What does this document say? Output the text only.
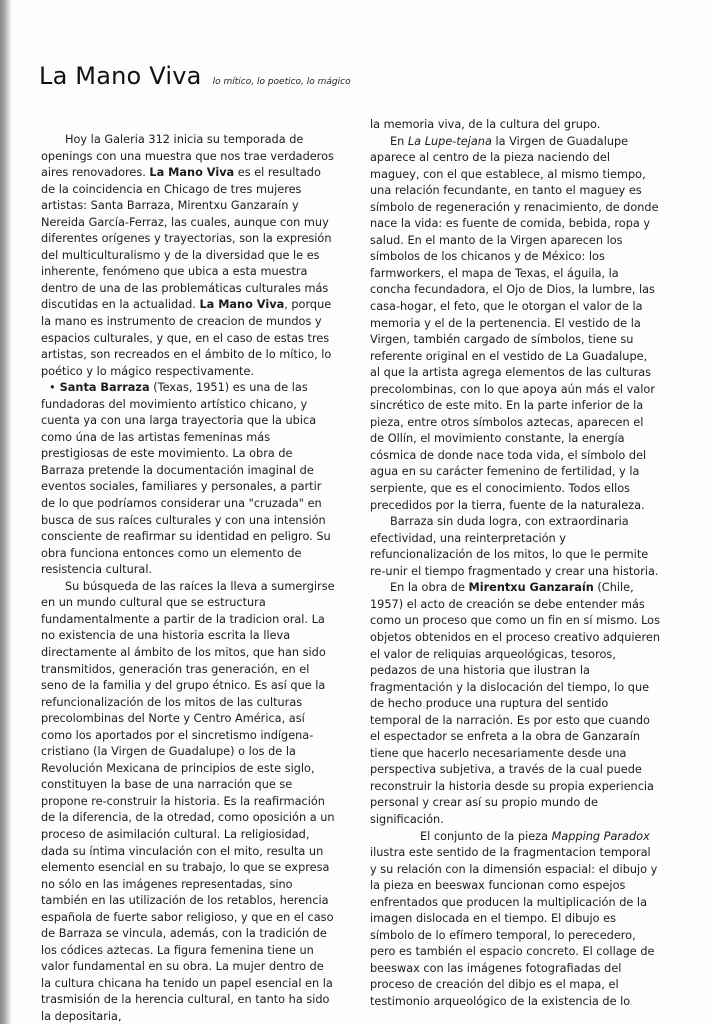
La Mano Viva lo mítico, lo poetico, lo mágico

Hoy la Galeria 312 inicia su temporada de openings con una muestra que nos trae verdaderos aires renovadores. La Mano Viva es el resultado de la coincidencia en Chicago de tres mujeres artistas: Santa Barraza, Mirentxu Ganzaraín y Nereida García-Ferraz, las cuales, aunque con muy diferentes orígenes y trayectorias, son la expresión del multiculturalismo y de la diversidad que le es inherente, fenómeno que ubica a esta muestra dentro de una de las problemáticas culturales más discutidas en la actualidad. La Mano Viva, porque la mano es instrumento de creacion de mundos y espacios culturales, y que, en el caso de estas tres artistas, son recreados en el ámbito de lo mítico, lo poético y lo mágico respectivamente.

• Santa Barraza (Texas, 1951) es una de las fundadoras del movimiento artístico chicano, y cuenta ya con una larga trayectoria que la ubica como úna de las artistas femeninas más prestigiosas de este movimiento. La obra de Barraza pretende la documentación imaginal de eventos sociales, familiares y personales, a partir de lo que podríamos considerar una "cruzada" en busca de sus raíces culturales y con una intensión consciente de reafirmar su identidad en peligro. Su obra funciona entonces como un elemento de resistencia cultural.

Su búsqueda de las raíces la lleva a sumergirse en un mundo cultural que se estructura fundamentalmente a partir de la tradicion oral. La no existencia de una historia escrita la lleva directamente al ámbito de los mitos, que han sido transmitidos, generación tras generación, en el seno de la familia y del grupo étnico. Es así que la refuncionalización de los mitos de las culturas precolombinas del Norte y Centro América, así como los aportados por el sincretismo indígena-cristiano (la Virgen de Guadalupe) o los de la Revolución Mexicana de principios de este siglo, constituyen la base de una narración que se propone re-construir la historia. Es la reafirmación de la diferencia, de la otredad, como oposición a un proceso de asimilación cultural. La religiosidad, dada su íntima vinculación con el mito, resulta un elemento esencial en su trabajo, lo que se expresa no sólo en las imágenes representadas, sino también en las utilización de los retablos, herencia española de fuerte sabor religioso, y que en el caso de Barraza se vincula, además, con la tradición de los códices aztecas. La figura femenina tiene un valor fundamental en su obra. La mujer dentro de la cultura chicana ha tenido un papel esencial en la trasmisión de la herencia cultural, en tanto ha sido la depositaria,

la memoria viva, de la cultura del grupo.

En La Lupe-tejana la Virgen de Guadalupe aparece al centro de la pieza naciendo del maguey, con el que establece, al mismo tiempo, una relación fecundante, en tanto el maguey es símbolo de regeneración y renacimiento, de donde nace la vida: es fuente de comida, bebida, ropa y salud. En el manto de la Virgen aparecen los símbolos de los chicanos y de México: los farmworkers, el mapa de Texas, el águila, la concha fecundadora, el Ojo de Dios, la lumbre, las casa-hogar, el feto, que le otorgan el valor de la memoria y el de la pertenencia. El vestido de la Virgen, también cargado de símbolos, tiene su referente original en el vestido de La Guadalupe, al que la artista agrega elementos de las culturas precolombinas, con lo que apoya aún más el valor sincrético de este mito. En la parte inferior de la pieza, entre otros símbolos aztecas, aparecen el de Ollín, el movimiento constante, la energía cósmica de donde nace toda vida, el símbolo del agua en su carácter femenino de fertilidad, y la serpiente, que es el conocimiento. Todos ellos precedidos por la tierra, fuente de la naturaleza.

Barraza sin duda logra, con extraordinaria efectividad, una reinterpretación y refuncionalización de los mitos, lo que le permite re-unir el tiempo fragmentado y crear una historia.

En la obra de Mirentxu Ganzaraín (Chile, 1957) el acto de creación se debe entender más como un proceso que como un fin en sí mismo. Los objetos obtenidos en el proceso creativo adquieren el valor de reliquias arqueológicas, tesoros, pedazos de una historia que ilustran la fragmentación y la dislocación del tiempo, lo que de hecho produce una ruptura del sentido temporal de la narración. Es por esto que cuando el espectador se enfreta a la obra de Ganzaraín tiene que hacerlo necesariamente desde una perspectiva subjetiva, a través de la cual puede reconstruir la historia desde su propia experiencia personal y crear así su propio mundo de significación.

El conjunto de la pieza Mapping Paradox ilustra este sentido de la fragmentacion temporal y su relación con la dimensión espacial: el dibujo y la pieza en beeswax funcionan como espejos enfrentados que producen la multiplicación de la imagen dislocada en el tiempo. El dibujo es símbolo de lo efímero temporal, lo perecedero, pero es también el espacio concreto. El collage de beeswax con las imágenes fotografiadas del proceso de creación del dibjo es el mapa, el testimonio arqueológico de la existencia de lo
